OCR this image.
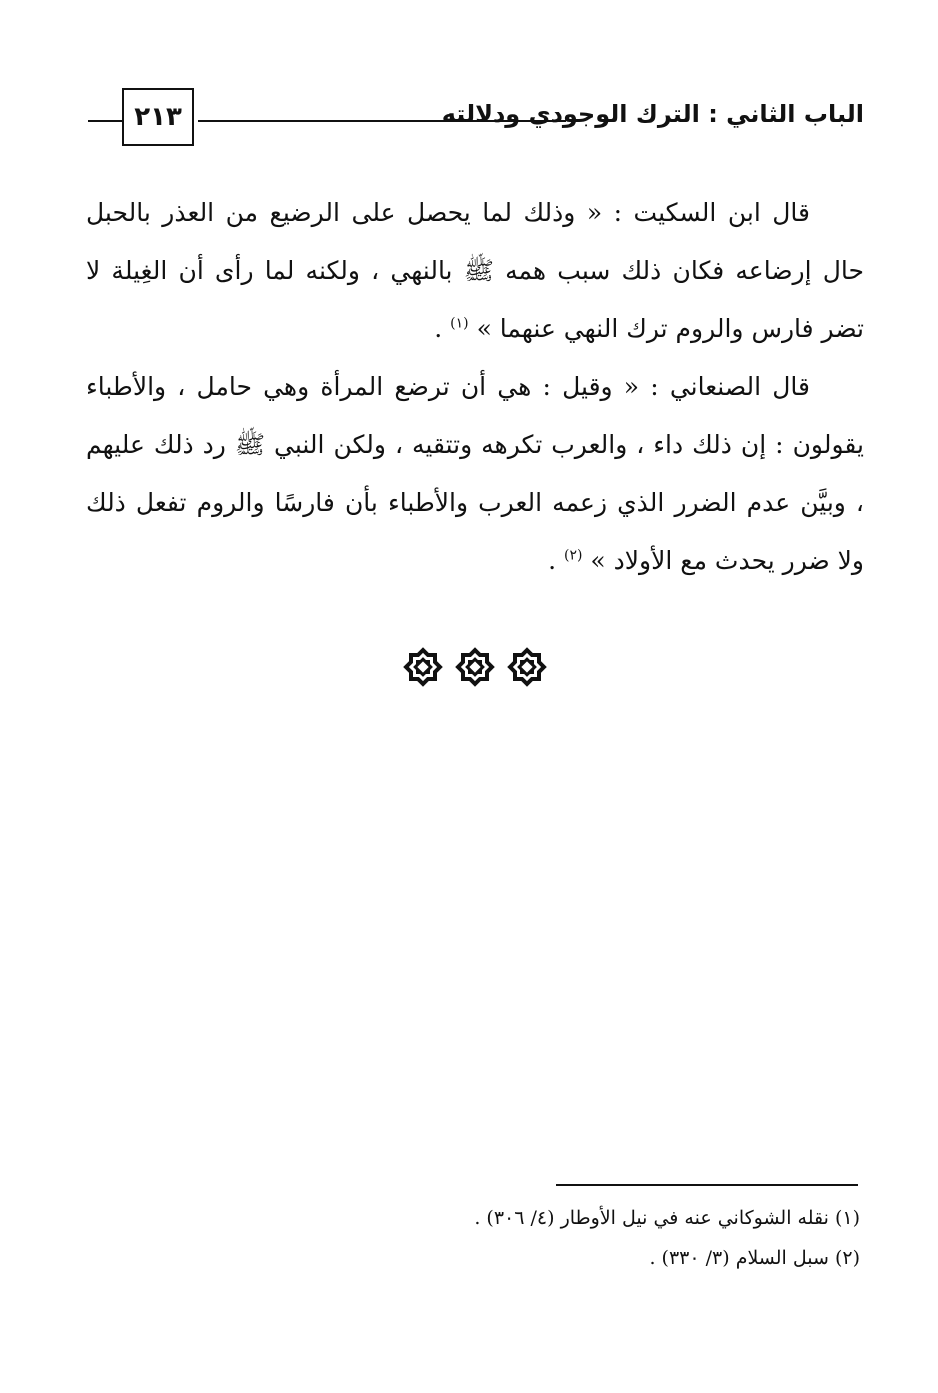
٢١٣	الباب الثاني : الترك الوجودي ودلالته

قال ابن السكيت : « وذلك لما يحصل على الرضيع من العذر بالحبل حال إرضاعه فكان ذلك سبب همه ﷺ بالنهي ، ولكنه لما رأى أن الغِيلة لا تضر فارس والروم ترك النهي عنهما » $^{(١)}$ .

قال الصنعاني : « وقيل : هي أن ترضع المرأة وهي حامل ، والأطباء يقولون : إن ذلك داء ، والعرب تكرهه وتتقيه ، ولكن النبي ﷺ رد ذلك عليهم ، وبيَّن عدم الضرر الذي زعمه العرب والأطباء بأن فارسًا والروم تفعل ذلك ولا ضرر يحدث مع الأولاد » $^{(٢)}$ .

(١) نقله الشوكاني عنه في نيل الأوطار (٤/ ٣٠٦) .

(٢) سبل السلام (٣/ ٣٣٠) .
